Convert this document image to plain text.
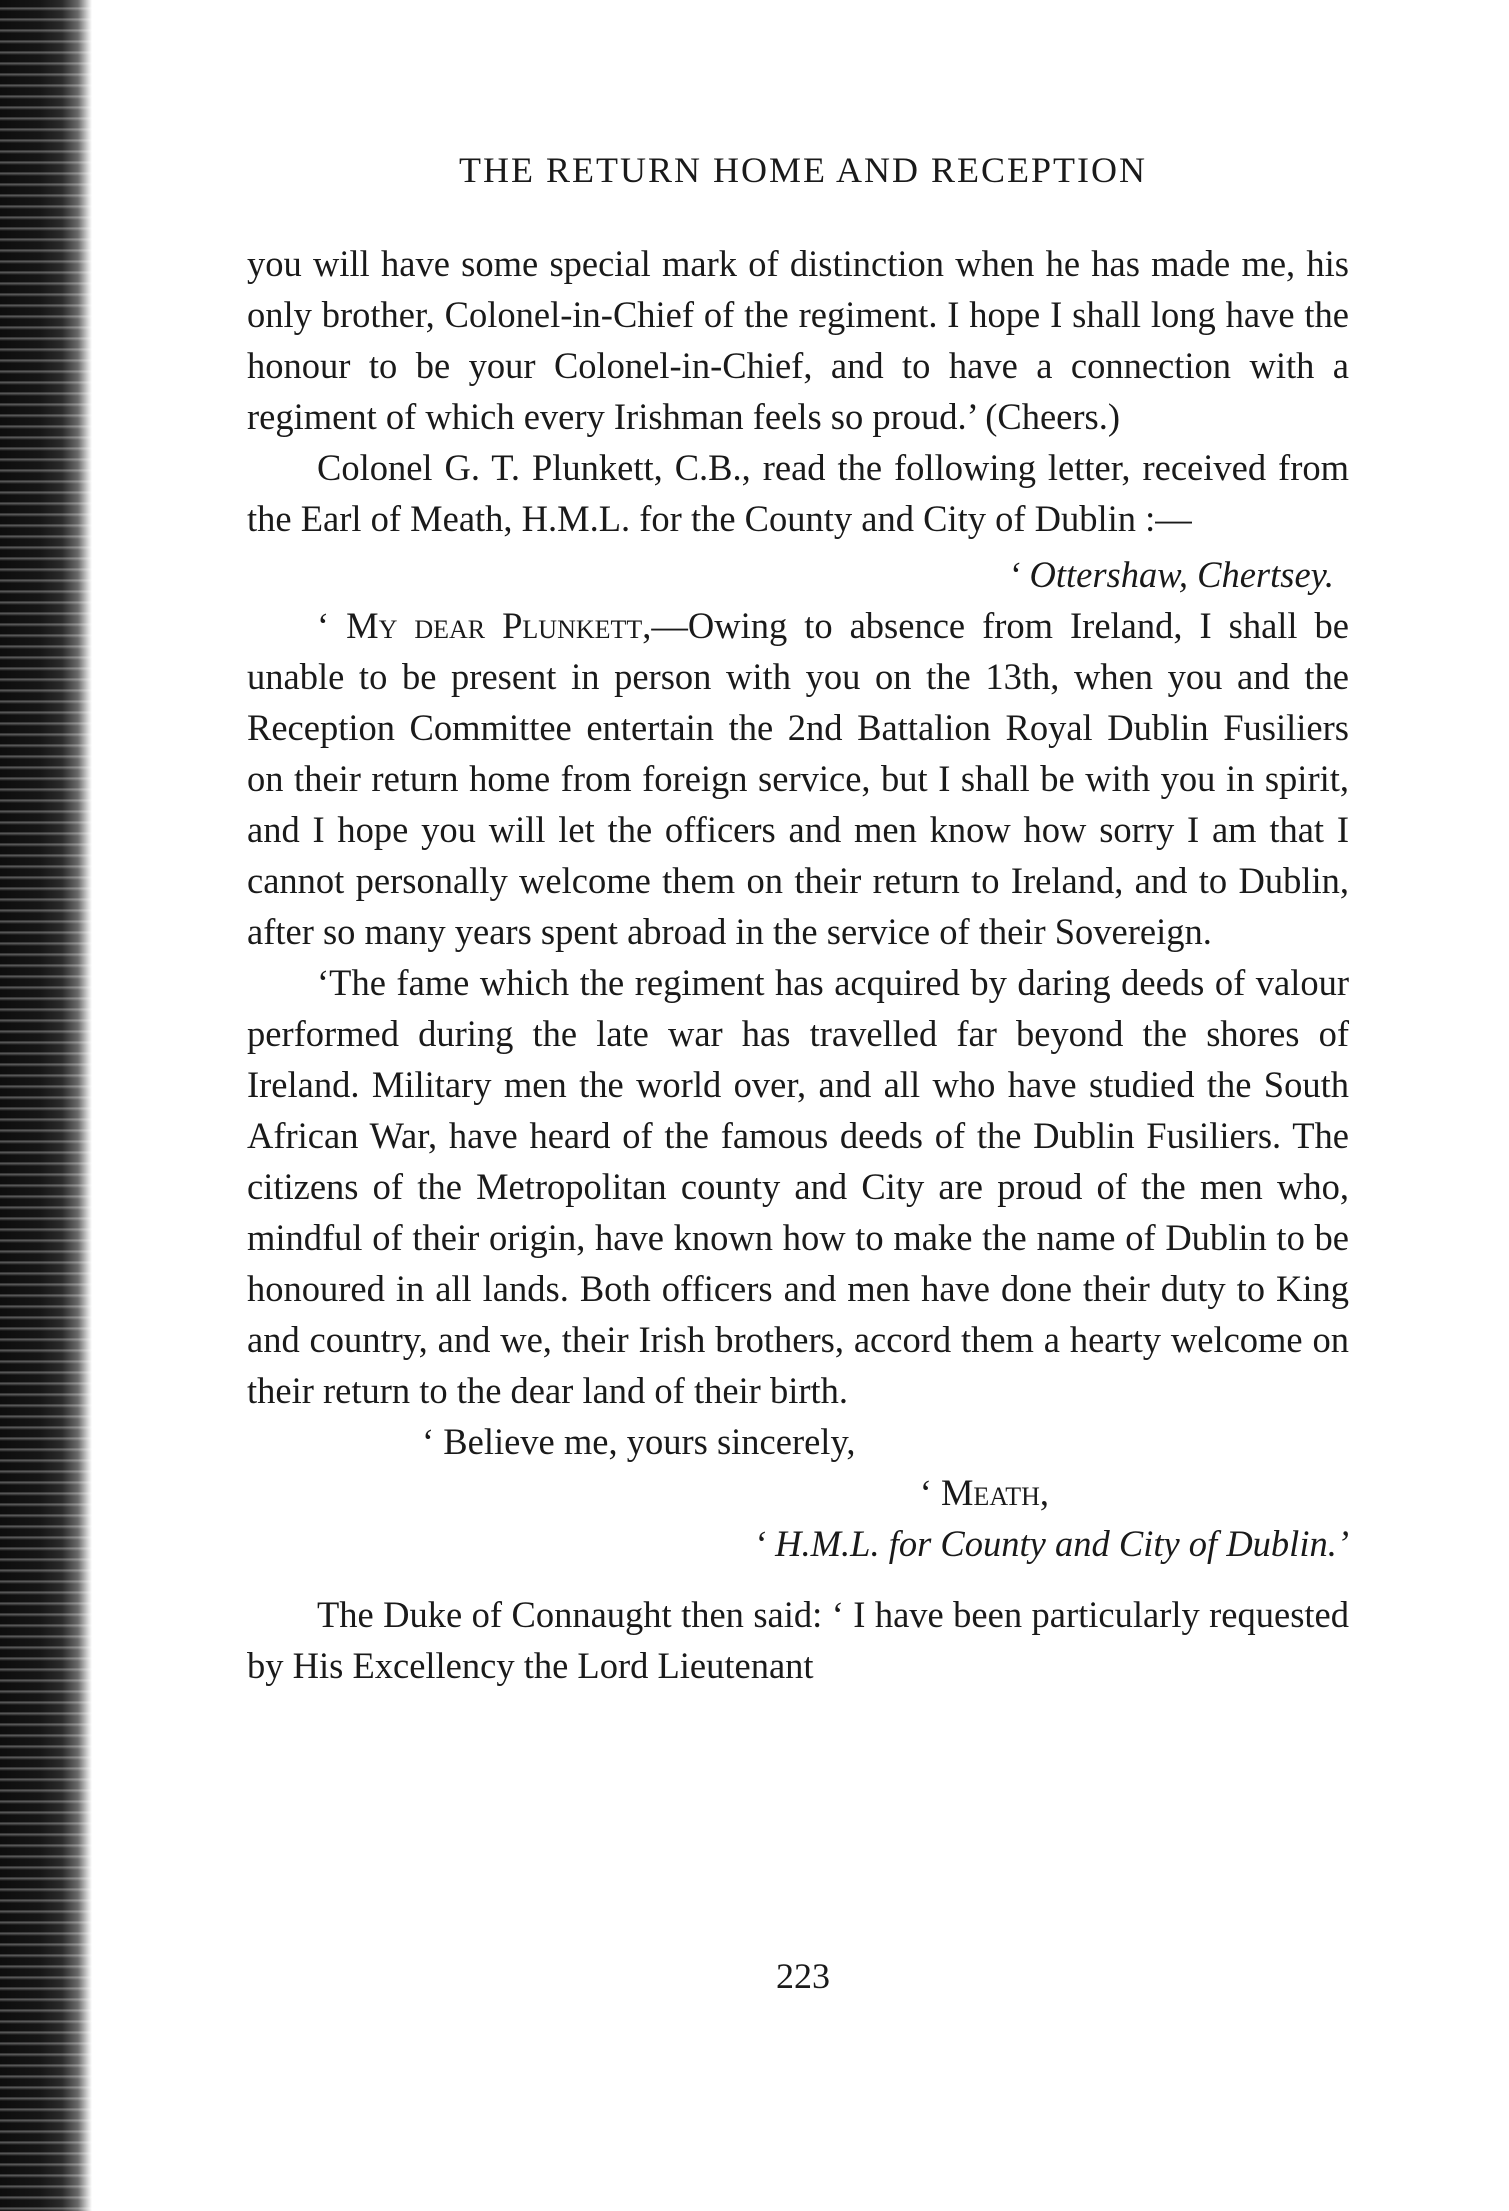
THE RETURN HOME AND RECEPTION

you will have some special mark of distinction when he has made me, his only brother, Colonel-in-Chief of the regiment. I hope I shall long have the honour to be your Colonel-in-Chief, and to have a connection with a regiment of which every Irishman feels so proud.’ (Cheers.)

Colonel G. T. Plunkett, C.B., read the following letter, received from the Earl of Meath, H.M.L. for the County and City of Dublin :—

‘ Ottershaw, Chertsey.

‘ My dear Plunkett,—Owing to absence from Ireland, I shall be unable to be present in person with you on the 13th, when you and the Reception Committee entertain the 2nd Battalion Royal Dublin Fusiliers on their return home from foreign service, but I shall be with you in spirit, and I hope you will let the officers and men know how sorry I am that I cannot personally welcome them on their return to Ireland, and to Dublin, after so many years spent abroad in the service of their Sovereign.

‘The fame which the regiment has acquired by daring deeds of valour performed during the late war has travelled far beyond the shores of Ireland. Military men the world over, and all who have studied the South African War, have heard of the famous deeds of the Dublin Fusiliers. The citizens of the Metropolitan county and City are proud of the men who, mindful of their origin, have known how to make the name of Dublin to be honoured in all lands. Both officers and men have done their duty to King and country, and we, their Irish brothers, accord them a hearty welcome on their return to the dear land of their birth.

‘ Believe me, yours sincerely,

‘ Meath,

‘ H.M.L. for County and City of Dublin.’

The Duke of Connaught then said: ‘ I have been particularly requested by His Excellency the Lord Lieutenant

223
